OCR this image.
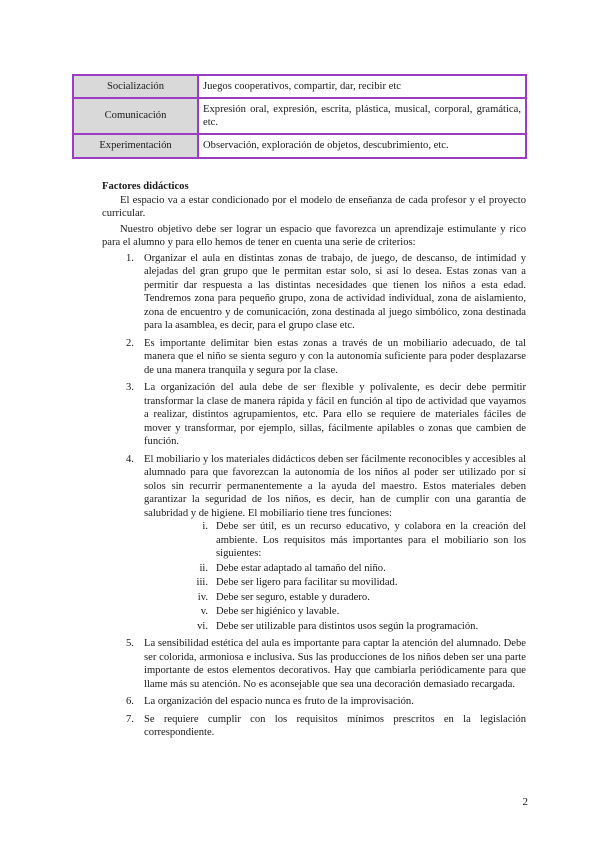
Socialización	Juegos cooperativos, compartir, dar, recibir etc
Comunicación	Expresión oral, expresión, escrita, plástica, musical, corporal, gramática, etc.
Experimentación	Observación, exploración de objetos, descubrimiento, etc.

Factores didácticos

El espacio va a estar condicionado por el modelo de enseñanza de cada profesor y el proyecto curricular.

Nuestro objetivo debe ser lograr un espacio que favorezca un aprendizaje estimulante y rico para el alumno y para ello hemos de tener en cuenta una serie de criterios:

1. Organizar el aula en distintas zonas de trabajo, de juego, de descanso, de intimidad y alejadas del gran grupo que le permitan estar solo, si así lo desea. Estas zonas van a permitir dar respuesta a las distintas necesidades que tienen los niños a esta edad. Tendremos zona para pequeño grupo, zona de actividad individual, zona de aislamiento, zona de encuentro y de comunicación, zona destinada al juego simbólico, zona destinada para la asamblea, es decir, para el grupo clase etc.
2. Es importante delimitar bien estas zonas a través de un mobiliario adecuado, de tal manera que el niño se sienta seguro y con la autonomía suficiente para poder desplazarse de una manera tranquila y segura por la clase.
3. La organización del aula debe de ser flexible y polivalente, es decir debe permitir transformar la clase de manera rápida y fácil en función al tipo de actividad que vayamos a realizar, distintos agrupamientos, etc. Para ello se requiere de materiales fáciles de mover y transformar, por ejemplo, sillas, fácilmente apilables o zonas que cambien de función.
4. El mobiliario y los materiales didácticos deben ser fácilmente reconocibles y accesibles al alumnado para que favorezcan la autonomía de los niños al poder ser utilizado por sí solos sin recurrir permanentemente a la ayuda del maestro. Estos materiales deben garantizar la seguridad de los niños, es decir, han de cumplir con una garantía de salubridad y de higiene. El mobiliario tiene tres funciones:
i. Debe ser útil, es un recurso educativo, y colabora en la creación del ambiente. Los requisitos más importantes para el mobiliario son los siguientes:
ii. Debe estar adaptado al tamaño del niño.
iii. Debe ser ligero para facilitar su movilidad.
iv. Debe ser seguro, estable y duradero.
v. Debe ser higiénico y lavable.
vi. Debe ser utilizable para distintos usos según la programación.
5. La sensibilidad estética del aula es importante para captar la atención del alumnado. Debe ser colorida, armoniosa e inclusiva. Sus las producciones de los niños deben ser una parte importante de estos elementos decorativos. Hay que cambiarla periódicamente para que llame más su atención. No es aconsejable que sea una decoración demasiado recargada.
6. La organización del espacio nunca es fruto de la improvisación.
7. Se requiere cumplir con los requisitos mínimos prescritos en la legislación correspondiente.
2
